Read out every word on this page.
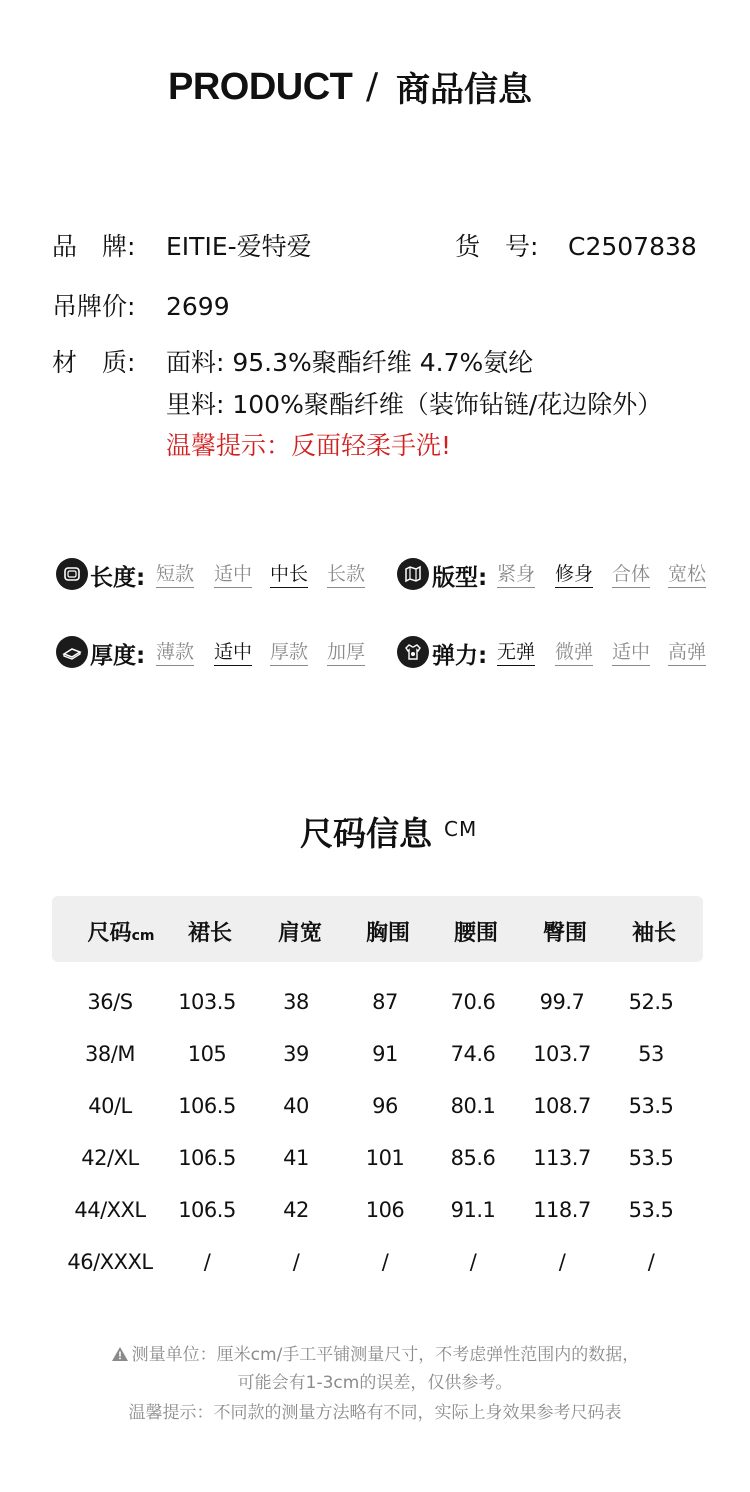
PRODUCT / 商品信息
品　牌: EITIE-爱特爱	货　号: C2507838
吊牌价: 2699
材　质: 面料: 95.3%聚酯纤维 4.7%氨纶
里料: 100%聚酯纤维（装饰钻链/花边除外）
温馨提示：反面轻柔手洗!
长度: 短款 适中 中长 长款	版型: 紧身 修身 合体 宽松
厚度: 薄款 适中 厚款 加厚	弹力: 无弹 微弹 适中 高弹
尺码信息 CM
尺码cm	裙长	肩宽	胸围	腰围	臀围	袖长
36/S	103.5	38	87	70.6	99.7	52.5
38/M	105	39	91	74.6	103.7	53
40/L	106.5	40	96	80.1	108.7	53.5
42/XL	106.5	41	101	85.6	113.7	53.5
44/XXL	106.5	42	106	91.1	118.7	53.5
46/XXXL	/	/	/	/	/	/
测量单位：厘米cm/手工平铺测量尺寸，不考虑弹性范围内的数据，
可能会有1-3cm的误差，仅供参考。
温馨提示：不同款的测量方法略有不同，实际上身效果参考尺码表
